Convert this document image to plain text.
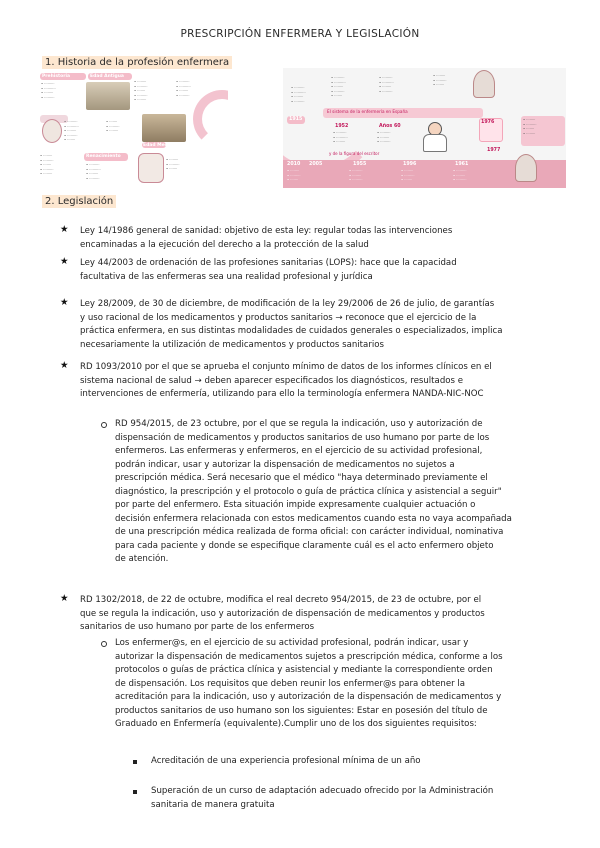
PRESCRIPCIÓN ENFERMERA Y LEGISLACIÓN
1. Historia de la profesión enfermera
Prehistoria
• ·········
• ··········
• ········
• ·········
Edad Antigua
• ········
• ·········
• ·······
• ·········
• ········
• ·········
• ··········
• ········
• ·········
• ·········
• ··········
• ········
• ·········
• ·······
• ·······
• ·········
• ········
Edad Media
• ········
• ·········
• ·······
• ·········
• ········
Renacimiento
• ·········
• ··········
• ········
• ·········
• ········
• ·········
• ·······
• ·········
• ··········
• ········
• ·········
• ·········
• ··········
• ········
• ·········
• ·······
• ·········
• ··········
• ········
• ·········
• ········
• ·········
• ·······
El sistema de la enfermería en España
1915
1952	Años 60
• ·········
• ··········
• ········
• ·········
• ········
• ·········
1976	• ········
• ·········
• ·······
• ········
1977
y de la figura del escritor
2010 2005	1955	1996	1961
• ········
• ·········
• ·······
• ·········
• ········
• ·········
• ········
• ·········
• ·······
• ·········
• ········
• ·········
2. Legislación
★ Ley 14/1986 general de sanidad: objetivo de esta ley: regular todas las intervenciones
encaminadas a la ejecución del derecho a la protección de la salud
★ Ley 44/2003 de ordenación de las profesiones sanitarias (LOPS): hace que la capacidad
facultativa de las enfermeras sea una realidad profesional y jurídica
★ Ley 28/2009, de 30 de diciembre, de modificación de la ley 29/2006 de 26 de julio, de garantías
y uso racional de los medicamentos y productos sanitarios → reconoce que el ejercicio de la
práctica enfermera, en sus distintas modalidades de cuidados generales o especializados, implica
necesariamente la utilización de medicamentos y productos sanitarios
★ RD 1093/2010 por el que se aprueba el conjunto mínimo de datos de los informes clínicos en el
sistema nacional de salud → deben aparecer especificados los diagnósticos, resultados e
intervenciones de enfermería, utilizando para ello la terminología enfermera NANDA-NIC-NOC
RD 954/2015, de 23 octubre, por el que se regula la indicación, uso y autorización de
dispensación de medicamentos y productos sanitarios de uso humano por parte de los
enfermeros. Las enfermeras y enfermeros, en el ejercicio de su actividad profesional,
podrán indicar, usar y autorizar la dispensación de medicamentos no sujetos a
prescripción médica. Será necesario que el médico "haya determinado previamente el
diagnóstico, la prescripción y el protocolo o guía de práctica clínica y asistencial a seguir"
por parte del enfermero. Esta situación impide expresamente cualquier actuación o
decisión enfermera relacionada con estos medicamentos cuando esta no vaya acompañada
de una prescripción médica realizada de forma oficial: con carácter individual, nominativa
para cada paciente y donde se especifique claramente cuál es el acto enfermero objeto
de atención.
★ RD 1302/2018, de 22 de octubre, modifica el real decreto 954/2015, de 23 de octubre, por el
que se regula la indicación, uso y autorización de dispensación de medicamentos y productos
sanitarios de uso humano por parte de los enfermeros
Los enfermer@s, en el ejercicio de su actividad profesional, podrán indicar, usar y
autorizar la dispensación de medicamentos sujetos a prescripción médica, conforme a los
protocolos o guías de práctica clínica y asistencial y mediante la correspondiente orden
de dispensación. Los requisitos que deben reunir los enfermer@s para obtener la
acreditación para la indicación, uso y autorización de la dispensación de medicamentos y
productos sanitarios de uso humano son los siguientes: Estar en posesión del título de
Graduado en Enfermería (equivalente).Cumplir uno de los dos siguientes requisitos:
Acreditación de una experiencia profesional mínima de un año
Superación de un curso de adaptación adecuado ofrecido por la Administración
sanitaria de manera gratuita
